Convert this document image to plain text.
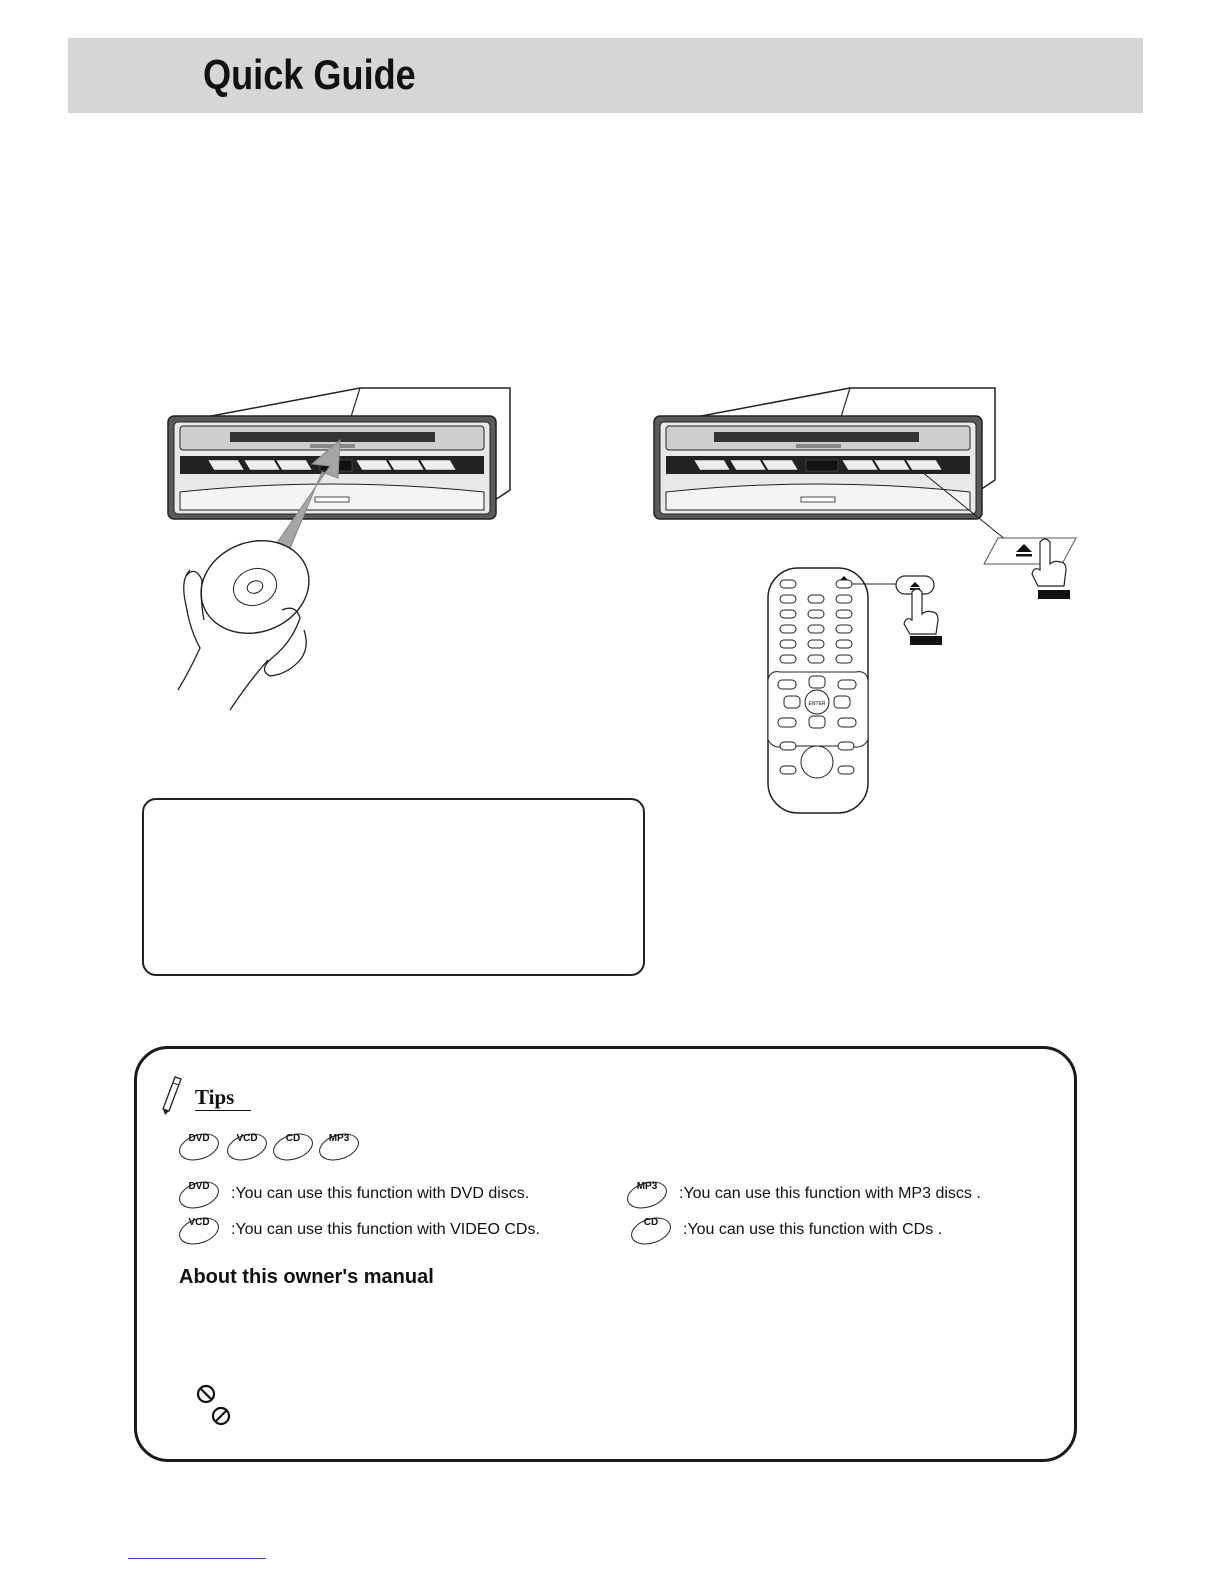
Quick Guide
ENTER
Tips
DVD	VCD	CD	MP3
DVD	:You can use this function with DVD discs.
VCD	:You can use this function with VIDEO CDs.
MP3	:You can use this function with MP3 discs .
CD	:You can use this function with CDs .
About this owner's manual
